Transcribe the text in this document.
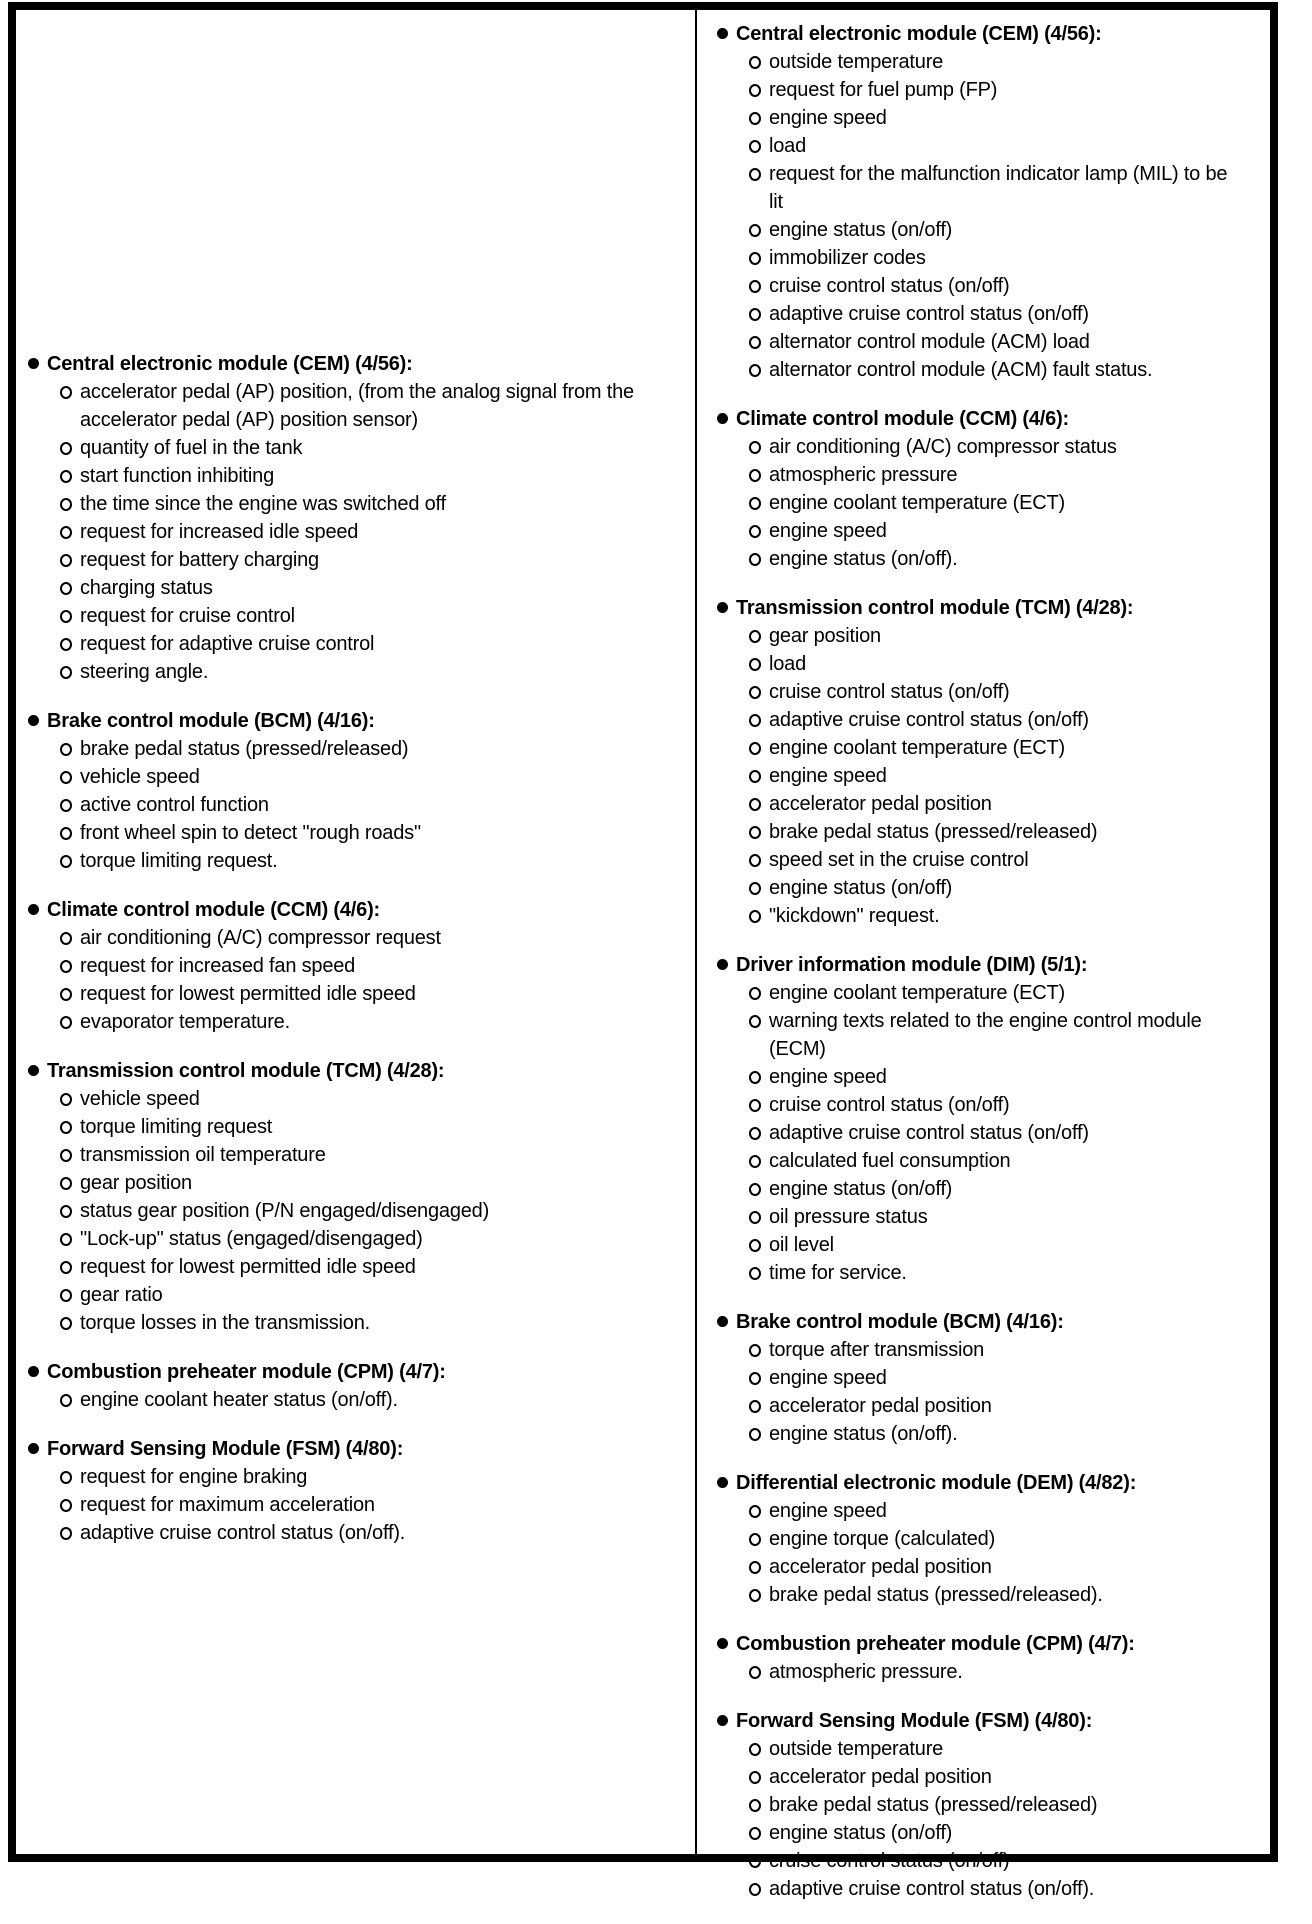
Central electronic module (CEM) (4/56):
accelerator pedal (AP) position, (from the analog signal from the accelerator pedal (AP) position sensor)
quantity of fuel in the tank
start function inhibiting
the time since the engine was switched off
request for increased idle speed
request for battery charging
charging status
request for cruise control
request for adaptive cruise control
steering angle.
Brake control module (BCM) (4/16):
brake pedal status (pressed/released)
vehicle speed
active control function
front wheel spin to detect "rough roads"
torque limiting request.
Climate control module (CCM) (4/6):
air conditioning (A/C) compressor request
request for increased fan speed
request for lowest permitted idle speed
evaporator temperature.
Transmission control module (TCM) (4/28):
vehicle speed
torque limiting request
transmission oil temperature
gear position
status gear position (P/N engaged/disengaged)
"Lock-up" status (engaged/disengaged)
request for lowest permitted idle speed
gear ratio
torque losses in the transmission.
Combustion preheater module (CPM) (4/7):
engine coolant heater status (on/off).
Forward Sensing Module (FSM) (4/80):
request for engine braking
request for maximum acceleration
adaptive cruise control status (on/off).
Central electronic module (CEM) (4/56):
outside temperature
request for fuel pump (FP)
engine speed
load
request for the malfunction indicator lamp (MIL) to be lit
engine status (on/off)
immobilizer codes
cruise control status (on/off)
adaptive cruise control status (on/off)
alternator control module (ACM) load
alternator control module (ACM) fault status.
Climate control module (CCM) (4/6):
air conditioning (A/C) compressor status
atmospheric pressure
engine coolant temperature (ECT)
engine speed
engine status (on/off).
Transmission control module (TCM) (4/28):
gear position
load
cruise control status (on/off)
adaptive cruise control status (on/off)
engine coolant temperature (ECT)
engine speed
accelerator pedal position
brake pedal status (pressed/released)
speed set in the cruise control
engine status (on/off)
"kickdown" request.
Driver information module (DIM) (5/1):
engine coolant temperature (ECT)
warning texts related to the engine control module (ECM)
engine speed
cruise control status (on/off)
adaptive cruise control status (on/off)
calculated fuel consumption
engine status (on/off)
oil pressure status
oil level
time for service.
Brake control module (BCM) (4/16):
torque after transmission
engine speed
accelerator pedal position
engine status (on/off).
Differential electronic module (DEM) (4/82):
engine speed
engine torque (calculated)
accelerator pedal position
brake pedal status (pressed/released).
Combustion preheater module (CPM) (4/7):
atmospheric pressure.
Forward Sensing Module (FSM) (4/80):
outside temperature
accelerator pedal position
brake pedal status (pressed/released)
engine status (on/off)
cruise control status (on/off)
adaptive cruise control status (on/off).
